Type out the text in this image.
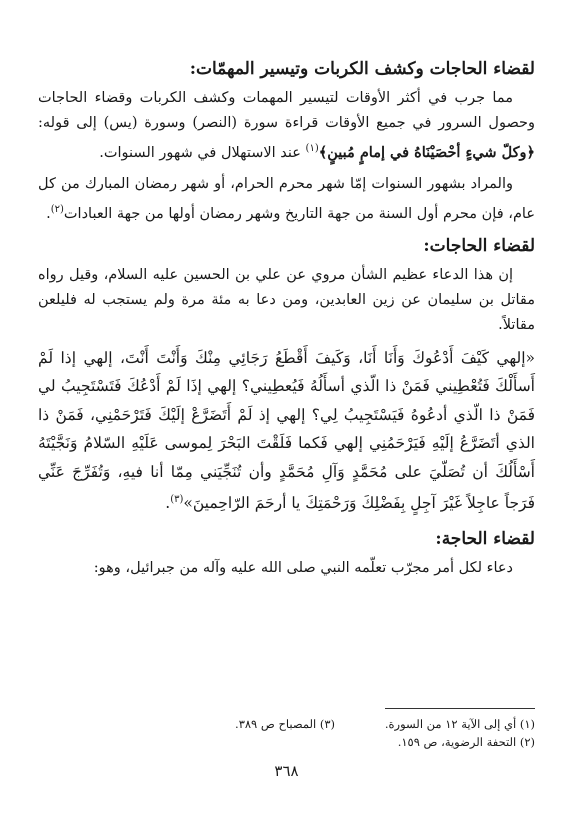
لقضاء الحاجات وكشف الكربات وتيسير المهمّات:

مما جرب في أكثر الأوقات لتيسير المهمات وكشف الكربات وقضاء الحاجات وحصول السرور في جميع الأوقات قراءة سورة (النصر) وسورة (يس) إلى قوله: ﴿وكلّ شيءٍ أحْصَيْنَاهُ في إمامٍ مُبينٍ﴾$^{(١)}$ عند الاستهلال في شهور السنوات.

والمراد بشهور السنوات إمّا شهر محرم الحرام، أو شهر رمضان المبارك من كل عام، فإن محرم أول السنة من جهة التاريخ وشهر رمضان أولها من جهة العبادات$^{(٢)}$.

لقضاء الحاجات:

إن هذا الدعاء عظيم الشأن مروي عن علي بن الحسين عليه السلام، وقيل رواه مقاتل بن سليمان عن زين العابدين، ومن دعا به مئة مرة ولم يستجب له فليلعن مقاتلاً.

«إلهي كَيْفَ أَدْعُوكَ وَأَنَا أَنَا، وَكَيفَ أَقْطَعُ رَجَائِي مِنْكَ وَأَنْتَ أَنْتَ، إلهي إذا لَمْ أَسأَلْكَ فَتُعْطِيني فَمَنْ ذا الّذي أسأَلُهُ فَيُعطِيني؟ إلهي إذَا لَمْ أَدْعُكَ فَتَسْتَجِيبُ لي فَمَنْ ذا الّذي أدعُوهُ فَيَسْتَجِيبُ لِي؟ إلهي إذ لَمْ أَتَضَرَّعْ إلَيْكَ فَتَرْحَمْنِي، فَمَنْ ذا الذي أتَضَرَّعُ إلَيْهِ فَيَرْحَمُنِي إلهي فَكما فَلَقْتَ البَحْرَ لِموسى عَلَيْهِ السّلامُ وَنَجَّيْتَهُ أَسْأَلُكَ أن تُصَلّيَ على مُحَمَّدٍ وَآلِ مُحَمَّدٍ وأن تُنَجِّيَني مِمّا أنا فيهِ، وَتُفَرِّجَ عَنِّي فَرَجاً عاجِلاً غَيْرَ آجِلٍ بِفَضْلِكَ وَرَحْمَتِكَ يا أرحَمَ الرّاحِمينَ»$^{(٣)}$.

لقضاء الحاجة:

دعاء لكل أمر مجرّب تعلّمه النبي صلى الله عليه وآله من جبرائيل، وهو:

(١) أي إلى الآية ١٢ من السورة.
(٣) المصباح ص ٣٨٩.
(٢) التحفة الرضوية، ص ١٥٩.
٣٦٨
